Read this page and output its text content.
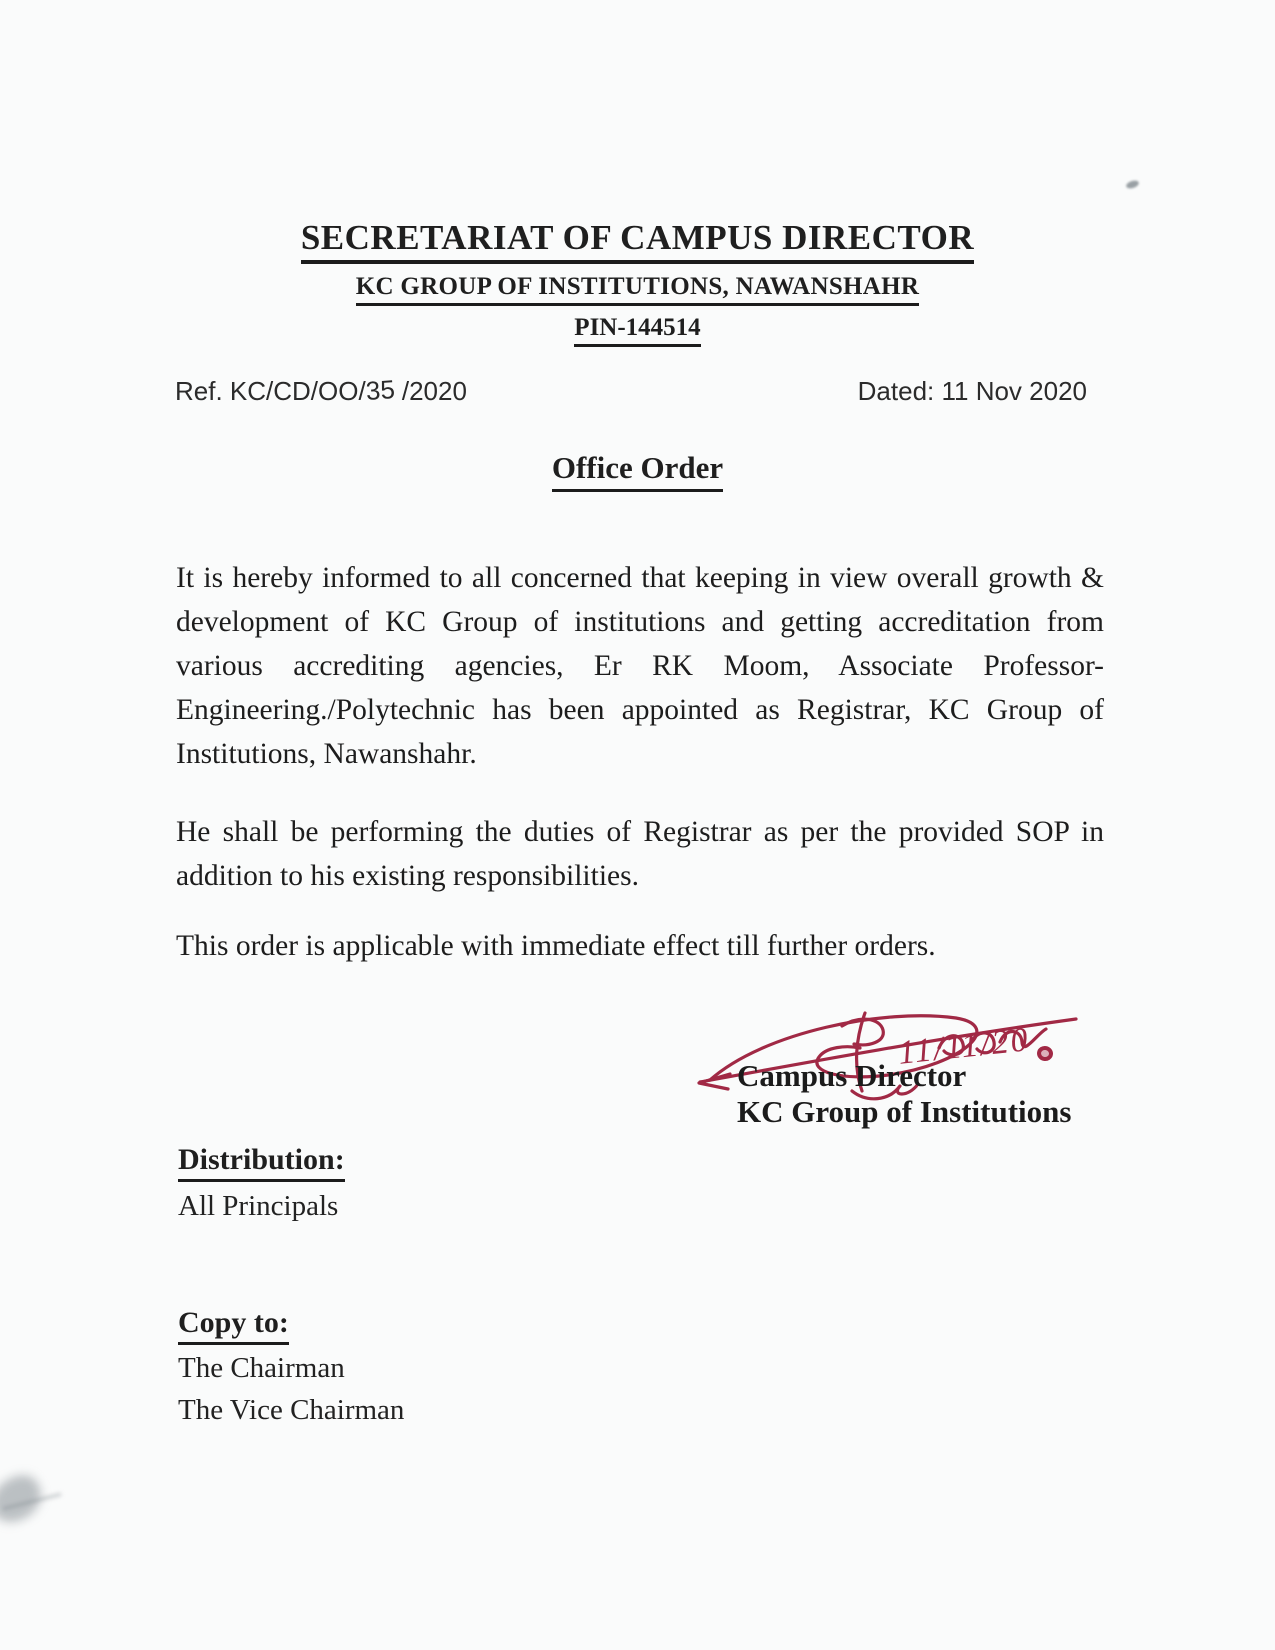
SECRETARIAT OF CAMPUS DIRECTOR
KC GROUP OF INSTITUTIONS, NAWANSHAHR
PIN-144514
Ref. KC/CD/OO/35 /2020	Dated: 11 Nov 2020
Office Order

It is hereby informed to all concerned that keeping in view overall growth & development of KC Group of institutions and getting accreditation from various accrediting agencies, Er RK Moom, Associate Professor- Engineering./Polytechnic has been appointed as Registrar, KC Group of Institutions, Nawanshahr.

He shall be performing the duties of Registrar as per the provided SOP in addition to his existing responsibilities.

This order is applicable with immediate effect till further orders.

11/11/20
Campus Director
KC Group of Institutions
Distribution:
All Principals
Copy to:
The Chairman
The Vice Chairman
